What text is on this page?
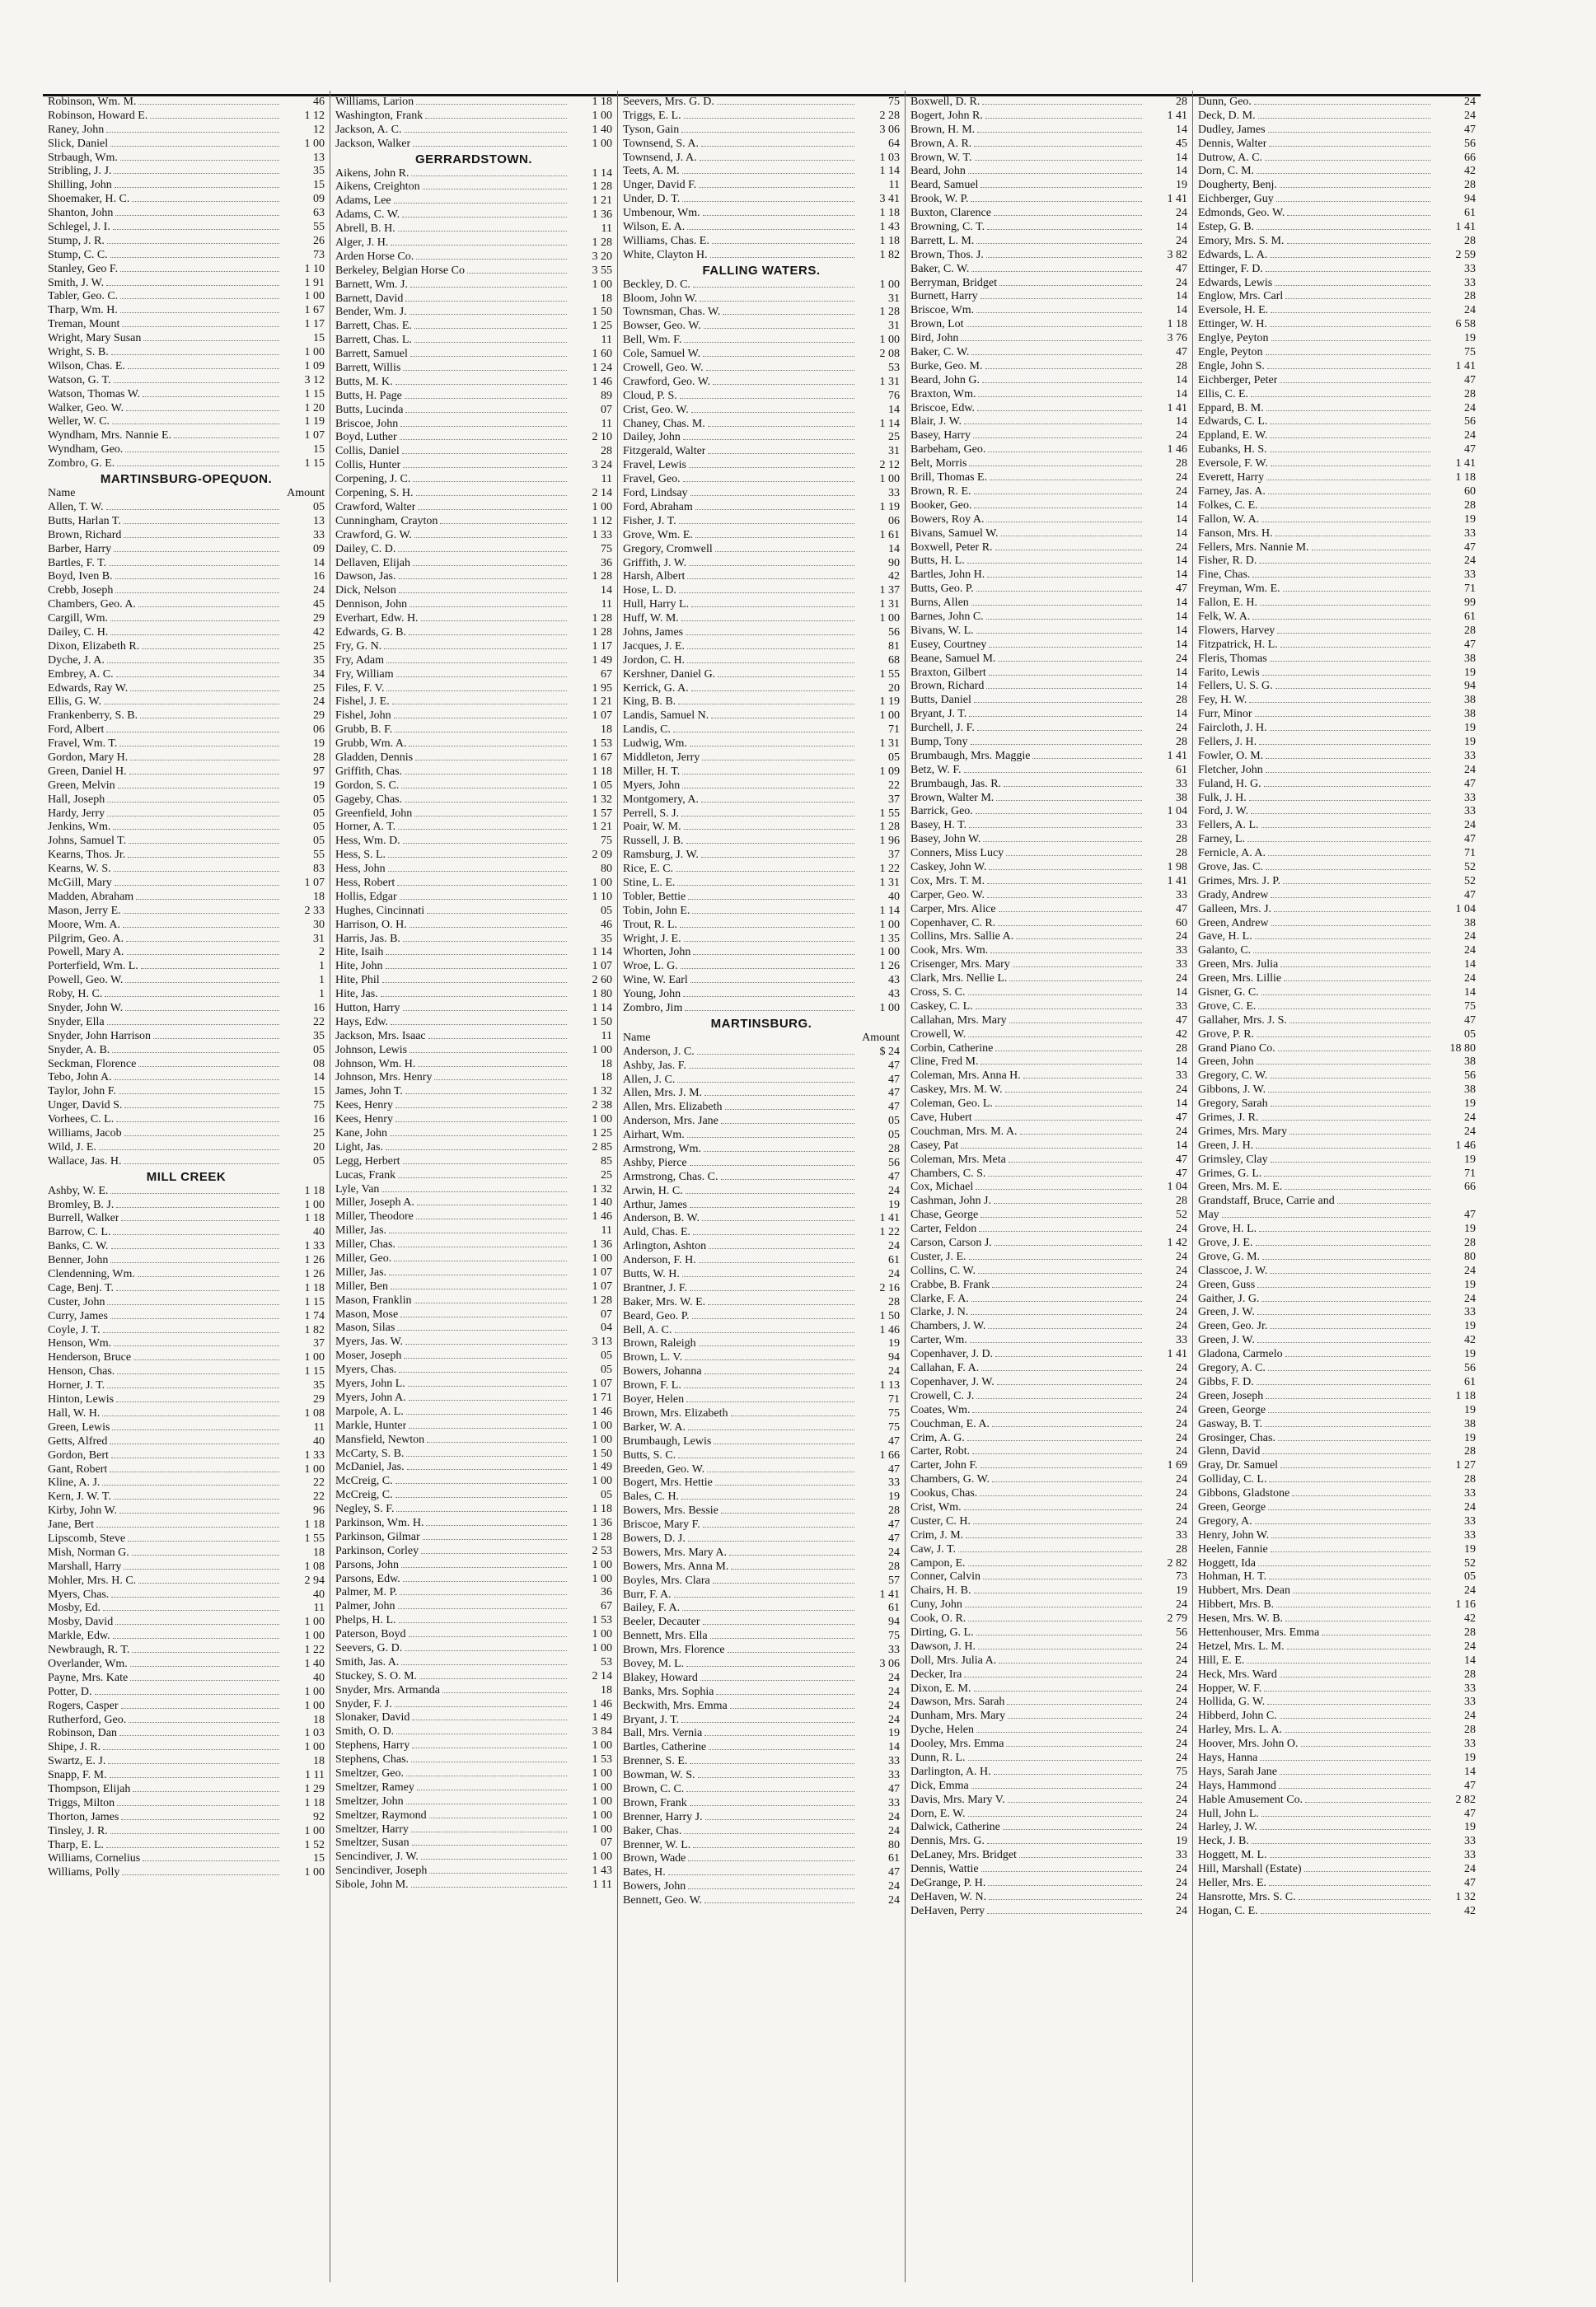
Robinson, Wm. M.	46
Robinson, Howard E.	1 12
Raney, John	12
Slick, Daniel	1 00
Strbaugh, Wm.	13
Stribling, J. J.	35
Shilling, John	15
Shoemaker, H. C.	09
Shanton, John	63
Schlegel, J. I.	55
Stump, J. R.	26
Stump, C. C.	73
Stanley, Geo F.	1 10
Smith, J. W.	1 91
Tabler, Geo. C.	1 00
Tharp, Wm. H.	1 67
Treman, Mount	1 17
Wright, Mary Susan	15
Wright, S. B.	1 00
Wilson, Chas. E.	1 09
Watson, G. T.	3 12
Watson, Thomas W.	1 15
Walker, Geo. W.	1 20
Weller, W. C.	1 19
Wyndham, Mrs. Nannie E.	1 07
Wyndham, Geo.	15
Zombro, G. E.	1 15
MARTINSBURG-OPEQUON.
Name	Amount
Allen, T. W.	05
Butts, Harlan T.	13
Brown, Richard	33
Barber, Harry	09
Bartles, F. T.	14
Boyd, Iven B.	16
Crebb, Joseph	24
Chambers, Geo. A.	45
Cargill, Wm.	29
Dailey, C. H.	42
Dixon, Elizabeth R.	25
Dyche, J. A.	35
Embrey, A. C.	34
Edwards, Ray W.	25
Ellis, G. W.	24
Frankenberry, S. B.	29
Ford, Albert	06
Fravel, Wm. T.	19
Gordon, Mary H.	28
Green, Daniel H.	97
Green, Melvin	19
Hall, Joseph	05
Hardy, Jerry	05
Jenkins, Wm.	05
Johns, Samuel T.	05
Kearns, Thos. Jr.	55
Kearns, W. S.	83
McGill, Mary	1 07
Madden, Abraham	18
Mason, Jerry E.	2 33
Moore, Wm. A.	30
Pilgrim, Geo. A.	31
Powell, Mary A.	2
Porterfield, Wm. L.	1
Powell, Geo. W.	1
Roby, H. C.	1
Snyder, John W.	16
Snyder, Ella	22
Snyder, John Harrison	35
Snyder, A. B.	05
Seckman, Florence	08
Tebo, John A.	14
Taylor, John F.	15
Unger, David S.	75
Vorhees, C. L.	16
Williams, Jacob	25
Wild, J. E.	20
Wallace, Jas. H.	05
MILL CREEK
Ashby, W. E.	1 18
Bromley, B. J.	1 00
Burrell, Walker	1 18
Barrow, C. L.	40
Banks, C. W.	1 33
Benner, John	1 26
Clendenning, Wm.	1 26
Cage, Benj. T.	1 18
Custer, John	1 15
Curry, James	1 74
Coyle, J. T.	1 82
Henson, Wm.	37
Henderson, Bruce	1 00
Henson, Chas.	1 15
Horner, J. T.	35
Hinton, Lewis	29
Hall, W. H.	1 08
Green, Lewis	11
Getts, Alfred	40
Gordon, Bert	1 33
Gant, Robert	1 00
Kline, A. J.	22
Kern, J. W. T.	22
Kirby, John W.	96
Jane, Bert	1 18
Lipscomb, Steve	1 55
Mish, Norman G.	18
Marshall, Harry	1 08
Mohler, Mrs. H. C.	2 94
Myers, Chas.	40
Mosby, Ed.	11
Mosby, David	1 00
Markle, Edw.	1 00
Newbraugh, R. T.	1 22
Overlander, Wm.	1 40
Payne, Mrs. Kate	40
Potter, D.	1 00
Rogers, Casper	1 00
Rutherford, Geo.	18
Robinson, Dan	1 03
Shipe, J. R.	1 00
Swartz, E. J.	18
Snapp, F. M.	1 11
Thompson, Elijah	1 29
Triggs, Milton	1 18
Thorton, James	92
Tinsley, J. R.	1 00
Tharp, E. L.	1 52
Williams, Cornelius	15
Williams, Polly	1 00
Williams, Larion	1 18
Washington, Frank	1 00
Jackson, A. C.	1 40
Jackson, Walker	1 00
GERRARDSTOWN.
Aikens, John R.	1 14
Aikens, Creighton	1 28
Adams, Lee	1 21
Adams, C. W.	1 36
Abrell, B. H.	11
Alger, J. H.	1 28
Arden Horse Co.	3 20
Berkeley, Belgian Horse Co	3 55
Barnett, Wm. J.	1 00
Barnett, David	18
Bender, Wm. J.	1 50
Barrett, Chas. E.	1 25
Barrett, Chas. L.	11
Barrett, Samuel	1 60
Barrett, Willis	1 24
Butts, M. K.	1 46
Butts, H. Page	89
Butts, Lucinda	07
Briscoe, John	11
Boyd, Luther	2 10
Collis, Daniel	28
Collis, Hunter	3 24
Corpening, J. C.	11
Corpening, S. H.	2 14
Crawford, Walter	1 00
Cunningham, Crayton	1 12
Crawford, G. W.	1 33
Dailey, C. D.	75
Dellaven, Elijah	36
Dawson, Jas.	1 28
Dick, Nelson	14
Dennison, John	11
Everhart, Edw. H.	1 28
Edwards, G. B.	1 28
Fry, G. N.	1 17
Fry, Adam	1 49
Fry, William	67
Files, F. V.	1 95
Fishel, J. E.	1 21
Fishel, John	1 07
Grubb, B. F.	18
Grubb, Wm. A.	1 53
Gladden, Dennis	1 67
Griffith, Chas.	1 18
Gordon, S. C.	1 05
Gageby, Chas.	1 32
Greenfield, John	1 57
Horner, A. T.	1 21
Hess, Wm. D.	75
Hess, S. L.	2 09
Hess, John	80
Hess, Robert	1 00
Hollis, Edgar	1 10
Hughes, Cincinnati	05
Harrison, O. H.	46
Harris, Jas. B.	35
Hite, Isaih	1 14
Hite, John	1 07
Hite, Phil	2 60
Hite, Jas.	1 80
Hutton, Harry	1 14
Hays, Edw.	1 50
Jackson, Mrs. Isaac	11
Johnson, Lewis	1 00
Johnson, Wm. H.	18
Johnson, Mrs. Henry	18
James, John T.	1 32
Kees, Henry	2 38
Kees, Henry	1 00
Kane, John	1 25
Light, Jas.	2 85
Legg, Herbert	85
Lucas, Frank	25
Lyle, Van	1 32
Miller, Joseph A.	1 40
Miller, Theodore	1 46
Miller, Jas.	11
Miller, Chas.	1 36
Miller, Geo.	1 00
Miller, Jas.	1 07
Miller, Ben	1 07
Mason, Franklin	1 28
Mason, Mose	07
Mason, Silas	04
Myers, Jas. W.	3 13
Moser, Joseph	05
Myers, Chas.	05
Myers, John L.	1 07
Myers, John A.	1 71
Marpole, A. L.	1 46
Markle, Hunter	1 00
Mansfield, Newton	1 00
McCarty, S. B.	1 50
McDaniel, Jas.	1 49
McCreig, C.	1 00
McCreig, C.	05
Negley, S. F.	1 18
Parkinson, Wm. H.	1 36
Parkinson, Gilmar	1 28
Parkinson, Corley	2 53
Parsons, John	1 00
Parsons, Edw.	1 00
Palmer, M. P.	36
Palmer, John	67
Phelps, H. L.	1 53
Paterson, Boyd	1 00
Seevers, G. D.	1 00
Smith, Jas. A.	53
Stuckey, S. O. M.	2 14
Snyder, Mrs. Armanda	18
Snyder, F. J.	1 46
Slonaker, David	1 49
Smith, O. D.	3 84
Stephens, Harry	1 00
Stephens, Chas.	1 53
Smeltzer, Geo.	1 00
Smeltzer, Ramey	1 00
Smeltzer, John	1 00
Smeltzer, Raymond	1 00
Smeltzer, Harry	1 00
Smeltzer, Susan	07
Sencindiver, J. W.	1 00
Sencindiver, Joseph	1 43
Sibole, John M.	1 11
Seevers, Mrs. G. D.	75
Triggs, E. L.	2 28
Tyson, Gain	3 06
Townsend, S. A.	64
Townsend, J. A.	1 03
Teets, A. M.	1 14
Unger, David F.	11
Under, D. T.	3 41
Umbenour, Wm.	1 18
Wilson, E. A.	1 43
Williams, Chas. E.	1 18
White, Clayton H.	1 82
FALLING WATERS.
Beckley, D. C.	1 00
Bloom, John W.	31
Townsman, Chas. W.	1 28
Bowser, Geo. W.	31
Bell, Wm. F.	1 00
Cole, Samuel W.	2 08
Crowell, Geo. W.	53
Crawford, Geo. W.	1 31
Cloud, P. S.	76
Crist, Geo. W.	14
Chaney, Chas. M.	1 14
Dailey, John	25
Fitzgerald, Walter	31
Fravel, Lewis	2 12
Fravel, Geo.	1 00
Ford, Lindsay	33
Ford, Abraham	1 19
Fisher, J. T.	06
Grove, Wm. E.	1 61
Gregory, Cromwell	14
Griffith, J. W.	90
Harsh, Albert	42
Hose, L. D.	1 37
Hull, Harry L.	1 31
Huff, W. M.	1 00
Johns, James	56
Jacques, J. E.	81
Jordon, C. H.	68
Kershner, Daniel G.	1 55
Kerrick, G. A.	20
King, B. B.	1 19
Landis, Samuel N.	1 00
Landis, C.	71
Ludwig, Wm.	1 31
Middleton, Jerry	05
Miller, H. T.	1 09
Myers, John	22
Montgomery, A.	37
Perrell, S. J.	1 55
Poair, W. M.	1 28
Russell, J. B.	1 96
Ramsburg, J. W.	37
Rice, E. C.	1 22
Stine, L. E.	1 31
Tobler, Bettie	40
Tobin, John E.	1 14
Trout, R. L.	1 00
Wright, J. E.	1 35
Whorten, John	1 00
Wroe, L. G.	1 26
Wine, W. Earl	43
Young, John	43
Zombro, Jim	1 00
MARTINSBURG.
Name	Amount
Anderson, J. C.	$ 24
Ashby, Jas. F.	47
Allen, J. C.	47
Allen, Mrs. J. M.	47
Allen, Mrs. Elizabeth	47
Anderson, Mrs. Jane	05
Airhart, Wm.	05
Armstrong, Wm.	28
Ashby, Pierce	56
Armstrong, Chas. C.	47
Arwin, H. C.	24
Arthur, James	19
Anderson, B. W.	1 41
Auld, Chas. E.	1 22
Arlington, Ashton	24
Anderson, F. H.	61
Butts, W. H.	24
Brantner, J. F.	2 16
Baker, Mrs. W. E.	28
Beard, Geo. P.	1 50
Bell, A. C.	1 46
Brown, Raleigh	19
Brown, L. V.	94
Bowers, Johanna	24
Brown, F. L.	1 13
Boyer, Helen	71
Brown, Mrs. Elizabeth	75
Barker, W. A.	75
Brumbaugh, Lewis	47
Butts, S. C.	1 66
Breeden, Geo. W.	47
Bogert, Mrs. Hettie	33
Bales, C. H.	19
Bowers, Mrs. Bessie	28
Briscoe, Mary F.	47
Bowers, D. J.	47
Bowers, Mrs. Mary A.	24
Bowers, Mrs. Anna M.	28
Boyles, Mrs. Clara	57
Burr, F. A.	1 41
Bailey, F. A.	61
Beeler, Decauter	94
Bennett, Mrs. Ella	75
Brown, Mrs. Florence	33
Bovey, M. L.	3 06
Blakey, Howard	24
Banks, Mrs. Sophia	24
Beckwith, Mrs. Emma	24
Bryant, J. T.	24
Ball, Mrs. Vernia	19
Bartles, Catherine	14
Brenner, S. E.	33
Bowman, W. S.	33
Brown, C. C.	47
Brown, Frank	33
Brenner, Harry J.	24
Baker, Chas.	24
Brenner, W. L.	80
Brown, Wade	61
Bates, H.	47
Bowers, John	24
Bennett, Geo. W.	24
Boxwell, D. R.	28
Bogert, John R.	1 41
Brown, H. M.	14
Brown, A. R.	45
Brown, W. T.	14
Beard, John	14
Beard, Samuel	19
Brook, W. P.	1 41
Buxton, Clarence	24
Browning, C. T.	14
Barrett, L. M.	24
Brown, Thos. J.	3 82
Baker, C. W.	47
Berryman, Bridget	24
Burnett, Harry	14
Briscoe, Wm.	14
Brown, Lot	1 18
Bird, John	3 76
Baker, C. W.	47
Burke, Geo. M.	28
Beard, John G.	14
Braxton, Wm.	14
Briscoe, Edw.	1 41
Blair, J. W.	14
Basey, Harry	24
Barbeham, Geo.	1 46
Belt, Morris	28
Brill, Thomas E.	24
Brown, R. E.	24
Booker, Geo.	14
Bowers, Roy A.	14
Bivans, Samuel W.	14
Boxwell, Peter R.	24
Butts, H. L.	14
Bartles, John H.	14
Butts, Geo. P.	47
Burns, Allen	14
Barnes, John C.	14
Bivans, W. L.	14
Eusey, Courtney	14
Beane, Samuel M.	24
Braxton, Gilbert	14
Brown, Richard	14
Butts, Daniel	28
Bryant, J. T.	14
Burchell, J. F.	24
Bump, Tony	28
Brumbaugh, Mrs. Maggie	1 41
Betz, W. F.	61
Brumbaugh, Jas. R.	33
Brown, Walter M.	38
Barrick, Geo.	1 04
Basey, H. T.	33
Basey, John W.	28
Conners, Miss Lucy	28
Caskey, John W.	1 98
Cox, Mrs. T. M.	1 41
Carper, Geo. W.	33
Carper, Mrs. Alice	47
Copenhaver, C. R.	60
Collins, Mrs. Sallie A.	24
Cook, Mrs. Wm.	33
Crisenger, Mrs. Mary	33
Clark, Mrs. Nellie L.	24
Cross, S. C.	14
Caskey, C. L.	33
Callahan, Mrs. Mary	47
Crowell, W.	42
Corbin, Catherine	28
Cline, Fred M.	14
Coleman, Mrs. Anna H.	33
Caskey, Mrs. M. W.	24
Coleman, Geo. L.	14
Cave, Hubert	47
Couchman, Mrs. M. A.	24
Casey, Pat	14
Coleman, Mrs. Meta	47
Chambers, C. S.	47
Cox, Michael	1 04
Cashman, John J.	28
Chase, George	52
Carter, Feldon	24
Carson, Carson J.	1 42
Custer, J. E.	24
Collins, C. W.	24
Crabbe, B. Frank	24
Clarke, F. A.	24
Clarke, J. N.	24
Chambers, J. W.	24
Carter, Wm.	33
Copenhaver, J. D.	1 41
Callahan, F. A.	24
Copenhaver, J. W.	24
Crowell, C. J.	24
Coates, Wm.	24
Couchman, E. A.	24
Crim, A. G.	24
Carter, Robt.	24
Carter, John F.	1 69
Chambers, G. W.	24
Cookus, Chas.	24
Crist, Wm.	24
Custer, C. H.	24
Crim, J. M.	33
Caw, J. T.	28
Campon, E.	2 82
Conner, Calvin	73
Chairs, H. B.	19
Cuny, John	24
Cook, O. R.	2 79
Dirting, G. L.	56
Dawson, J. H.	24
Doll, Mrs. Julia A.	24
Decker, Ira	24
Dixon, E. M.	24
Dawson, Mrs. Sarah	24
Dunham, Mrs. Mary	24
Dyche, Helen	24
Dooley, Mrs. Emma	24
Dunn, R. L.	24
Darlington, A. H.	75
Dick, Emma	24
Davis, Mrs. Mary V.	24
Dorn, E. W.	24
Dalwick, Catherine	24
Dennis, Mrs. G.	19
DeLaney, Mrs. Bridget	33
Dennis, Wattie	24
DeGrange, P. H.	24
DeHaven, W. N.	24
DeHaven, Perry	24
Dunn, Geo.	24
Deck, D. M.	24
Dudley, James	47
Dennis, Walter	56
Dutrow, A. C.	66
Dorn, C. M.	42
Dougherty, Benj.	28
Eichberger, Guy	94
Edmonds, Geo. W.	61
Estep, G. B.	1 41
Emory, Mrs. S. M.	28
Edwards, L. A.	2 59
Ettinger, F. D.	33
Edwards, Lewis	33
Englow, Mrs. Carl	28
Eversole, H. E.	24
Ettinger, W. H.	6 58
Englye, Peyton	19
Engle, Peyton	75
Engle, John S.	1 41
Eichberger, Peter	47
Ellis, C. E.	28
Eppard, B. M.	24
Edwards, C. L.	56
Eppland, E. W.	24
Eubanks, H. S.	47
Eversole, F. W.	1 41
Everett, Harry	1 18
Farney, Jas. A.	60
Folkes, C. E.	28
Fallon, W. A.	19
Fanson, Mrs. H.	33
Fellers, Mrs. Nannie M.	47
Fisher, R. D.	24
Fine, Chas.	33
Freyman, Wm. E.	71
Fallon, E. H.	99
Felk, W. A.	61
Flowers, Harvey	28
Fitzpatrick, H. L.	47
Fleris, Thomas	38
Farito, Lewis	19
Fellers, U. S. G.	94
Fey, H. W.	38
Furr, Minor	38
Faircloth, J. H.	19
Fellers, J. H.	19
Fowler, O. M.	33
Fletcher, John	24
Fuland, H. G.	47
Fulk, J. H.	33
Ford, J. W.	33
Fellers, A. L.	24
Farney, L.	47
Fernicle, A. A.	71
Grove, Jas. C.	52
Grimes, Mrs. J. P.	52
Grady, Andrew	47
Galleen, Mrs. J.	1 04
Green, Andrew	38
Gave, H. L.	24
Galanto, C.	24
Green, Mrs. Julia	14
Green, Mrs. Lillie	24
Gisner, G. C.	14
Grove, C. E.	75
Gallaher, Mrs. J. S.	47
Grove, P. R.	05
Grand Piano Co.	18 80
Green, John	38
Gregory, C. W.	56
Gibbons, J. W.	38
Gregory, Sarah	19
Grimes, J. R.	24
Grimes, Mrs. Mary	24
Green, J. H.	1 46
Grimsley, Clay	19
Grimes, G. L.	71
Green, Mrs. M. E.	66
Grandstaff, Bruce, Carrie and
May	47
Grove, H. L.	19
Grove, J. E.	28
Grove, G. M.	80
Classcoe, J. W.	24
Green, Guss	19
Gaither, J. G.	24
Green, J. W.	33
Green, Geo. Jr.	19
Green, J. W.	42
Gladona, Carmelo	19
Gregory, A. C.	56
Gibbs, F. D.	61
Green, Joseph	1 18
Green, George	19
Gasway, B. T.	38
Grosinger, Chas.	19
Glenn, David	28
Gray, Dr. Samuel	1 27
Golliday, C. L.	28
Gibbons, Gladstone	33
Green, George	24
Gregory, A.	33
Henry, John W.	33
Heelen, Fannie	19
Hoggett, Ida	52
Hohman, H. T.	05
Hubbert, Mrs. Dean	24
Hibbert, Mrs. B.	1 16
Hesen, Mrs. W. B.	42
Hettenhouser, Mrs. Emma	28
Hetzel, Mrs. L. M.	24
Hill, E. E.	14
Heck, Mrs. Ward	28
Hopper, W. F.	33
Hollida, G. W.	33
Hibberd, John C.	24
Harley, Mrs. L. A.	28
Hoover, Mrs. John O.	33
Hays, Hanna	19
Hays, Sarah Jane	14
Hays, Hammond	47
Hable Amusement Co.	2 82
Hull, John L.	47
Harley, J. W.	19
Heck, J. B.	33
Hoggett, M. L.	33
Hill, Marshall (Estate)	24
Heller, Mrs. E.	47
Hansrotte, Mrs. S. C.	1 32
Hogan, C. E.	42
